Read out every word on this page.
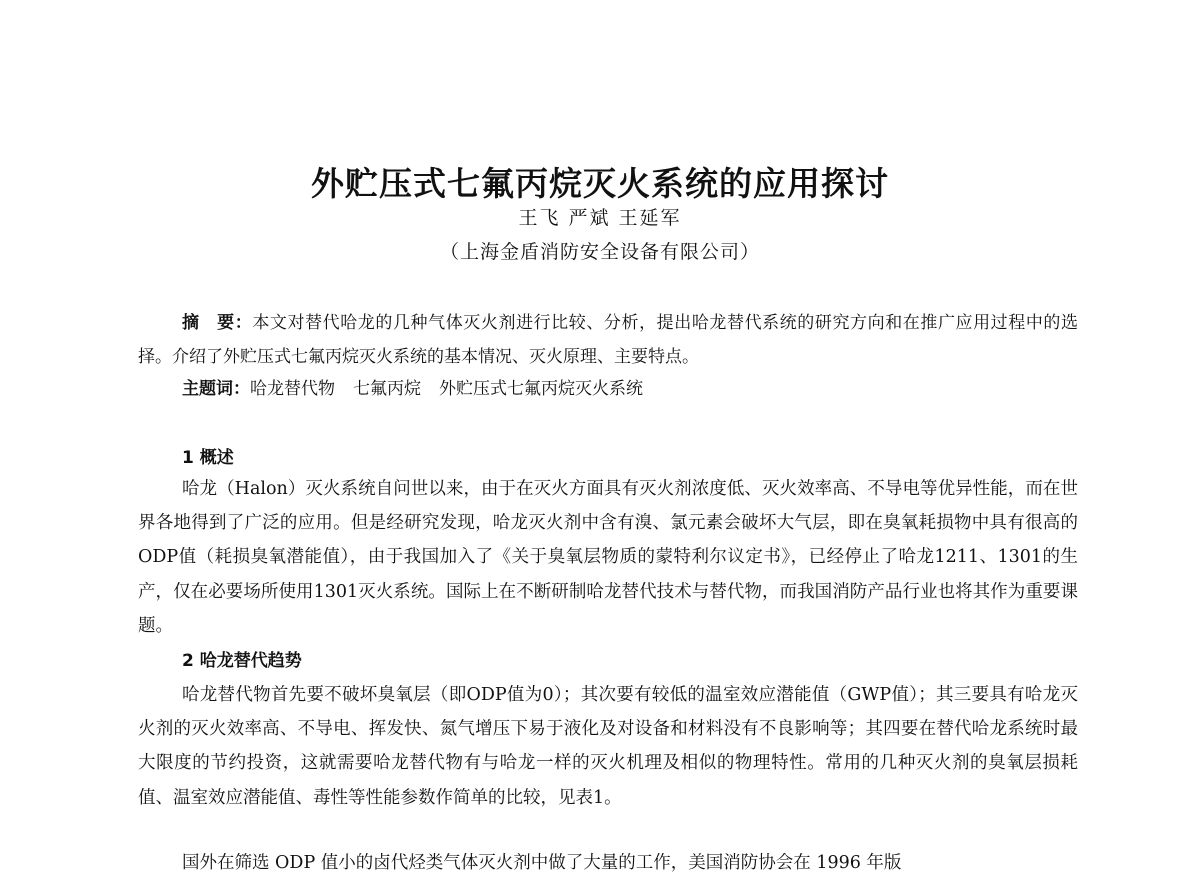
外贮压式七氟丙烷灭火系统的应用探讨
王飞 严斌 王延军
（上海金盾消防安全设备有限公司）

摘　要：本文对替代哈龙的几种气体灭火剂进行比较、分析，提出哈龙替代系统的研究方向和在推广应用过程中的选择。介绍了外贮压式七氟丙烷灭火系统的基本情况、灭火原理、主要特点。

主题词：哈龙替代物 七氟丙烷 外贮压式七氟丙烷灭火系统

1 概述

哈龙（Halon）灭火系统自问世以来，由于在灭火方面具有灭火剂浓度低、灭火效率高、不导电等优异性能，而在世界各地得到了广泛的应用。但是经研究发现，哈龙灭火剂中含有溴、氯元素会破坏大气层，即在臭氧耗损物中具有很高的ODP值（耗损臭氧潜能值），由于我国加入了《关于臭氧层物质的蒙特利尔议定书》，已经停止了哈龙1211、1301的生产，仅在必要场所使用1301灭火系统。国际上在不断研制哈龙替代技术与替代物，而我国消防产品行业也将其作为重要课题。

2 哈龙替代趋势

哈龙替代物首先要不破坏臭氧层（即ODP值为0）；其次要有较低的温室效应潜能值（GWP值）；其三要具有哈龙灭火剂的灭火效率高、不导电、挥发快、氮气增压下易于液化及对设备和材料没有不良影响等；其四要在替代哈龙系统时最大限度的节约投资，这就需要哈龙替代物有与哈龙一样的灭火机理及相似的物理特性。常用的几种灭火剂的臭氧层损耗值、温室效应潜能值、毒性等性能参数作简单的比较，见表1。

国外在筛选 ODP 值小的卤代烃类气体灭火剂中做了大量的工作，美国消防协会在 1996 年版
